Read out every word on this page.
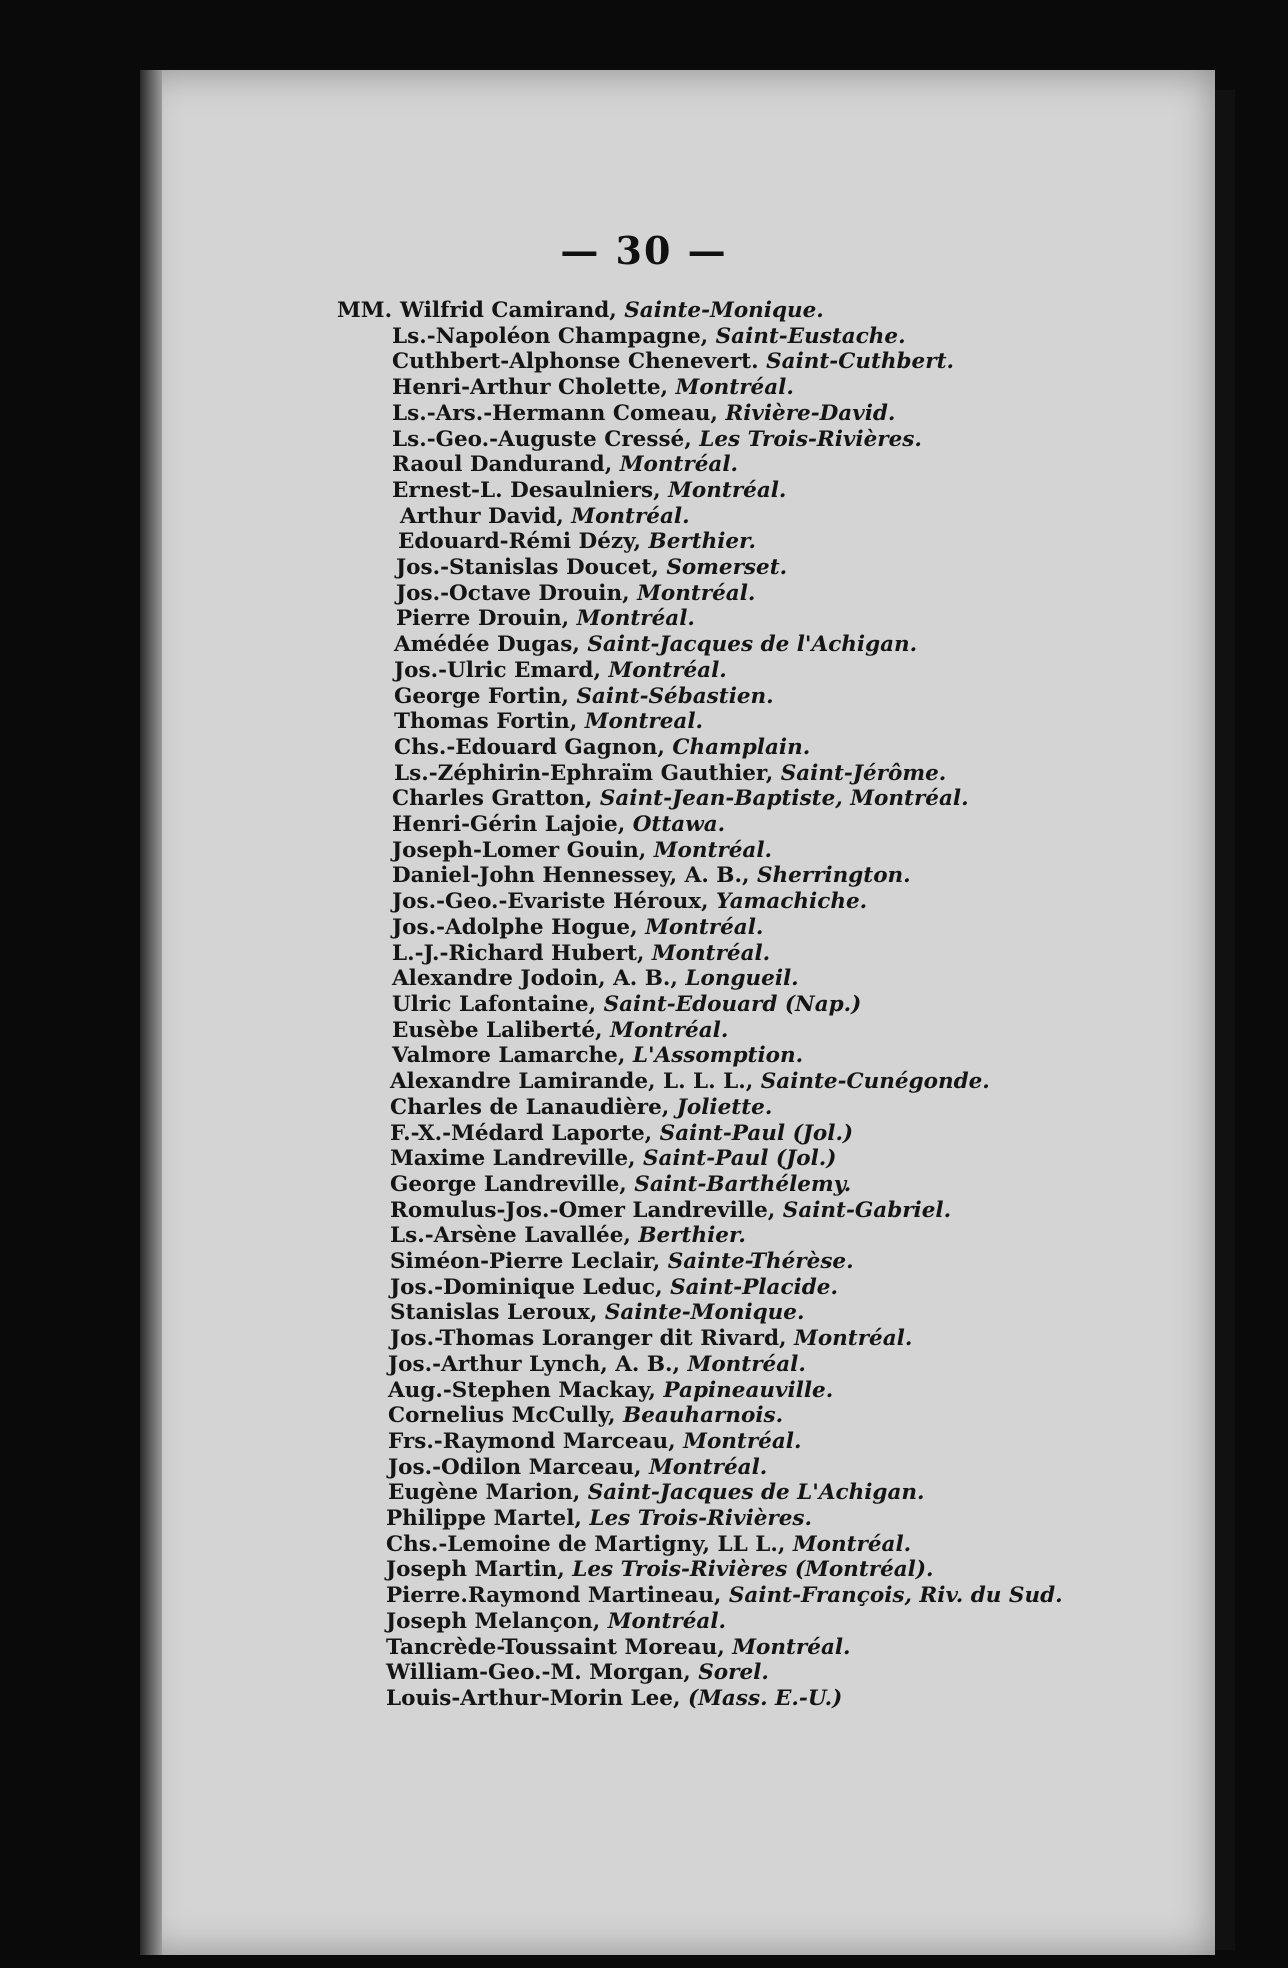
— 30 —
MM. Wilfrid Camirand, Sainte-Monique.
Ls.-Napoléon Champagne, Saint-Eustache.
Cuthbert-Alphonse Chenevert. Saint-Cuthbert.
Henri-Arthur Cholette, Montréal.
Ls.-Ars.-Hermann Comeau, Rivière-David.
Ls.-Geo.-Auguste Cressé, Les Trois-Rivières.
Raoul Dandurand, Montréal.
Ernest-L. Desaulniers, Montréal.
Arthur David, Montréal.
Edouard-Rémi Dézy, Berthier.
Jos.-Stanislas Doucet, Somerset.
Jos.-Octave Drouin, Montréal.
Pierre Drouin, Montréal.
Amédée Dugas, Saint-Jacques de l'Achigan.
Jos.-Ulric Emard, Montréal.
George Fortin, Saint-Sébastien.
Thomas Fortin, Montreal.
Chs.-Edouard Gagnon, Champlain.
Ls.-Zéphirin-Ephraïm Gauthier, Saint-Jérôme.
Charles Gratton, Saint-Jean-Baptiste, Montréal.
Henri-Gérin Lajoie, Ottawa.
Joseph-Lomer Gouin, Montréal.
Daniel-John Hennessey, A. B., Sherrington.
Jos.-Geo.-Evariste Héroux, Yamachiche.
Jos.-Adolphe Hogue, Montréal.
L.-J.-Richard Hubert, Montréal.
Alexandre Jodoin, A. B., Longueil.
Ulric Lafontaine, Saint-Edouard (Nap.)
Eusèbe Laliberté, Montréal.
Valmore Lamarche, L'Assomption.
Alexandre Lamirande, L. L. L., Sainte-Cunégonde.
Charles de Lanaudière, Joliette.
F.-X.-Médard Laporte, Saint-Paul (Jol.)
Maxime Landreville, Saint-Paul (Jol.)
George Landreville, Saint-Barthélemy.
Romulus-Jos.-Omer Landreville, Saint-Gabriel.
Ls.-Arsène Lavallée, Berthier.
Siméon-Pierre Leclair, Sainte-Thérèse.
Jos.-Dominique Leduc, Saint-Placide.
Stanislas Leroux, Sainte-Monique.
Jos.-Thomas Loranger dit Rivard, Montréal.
Jos.-Arthur Lynch, A. B., Montréal.
Aug.-Stephen Mackay, Papineauville.
Cornelius McCully, Beauharnois.
Frs.-Raymond Marceau, Montréal.
Jos.-Odilon Marceau, Montréal.
Eugène Marion, Saint-Jacques de L'Achigan.
Philippe Martel, Les Trois-Rivières.
Chs.-Lemoine de Martigny, LL L., Montréal.
Joseph Martin, Les Trois-Rivières (Montréal).
Pierre.Raymond Martineau, Saint-François, Riv. du Sud.
Joseph Melançon, Montréal.
Tancrède-Toussaint Moreau, Montréal.
William-Geo.-M. Morgan, Sorel.
Louis-Arthur-Morin Lee, (Mass. E.-U.)
